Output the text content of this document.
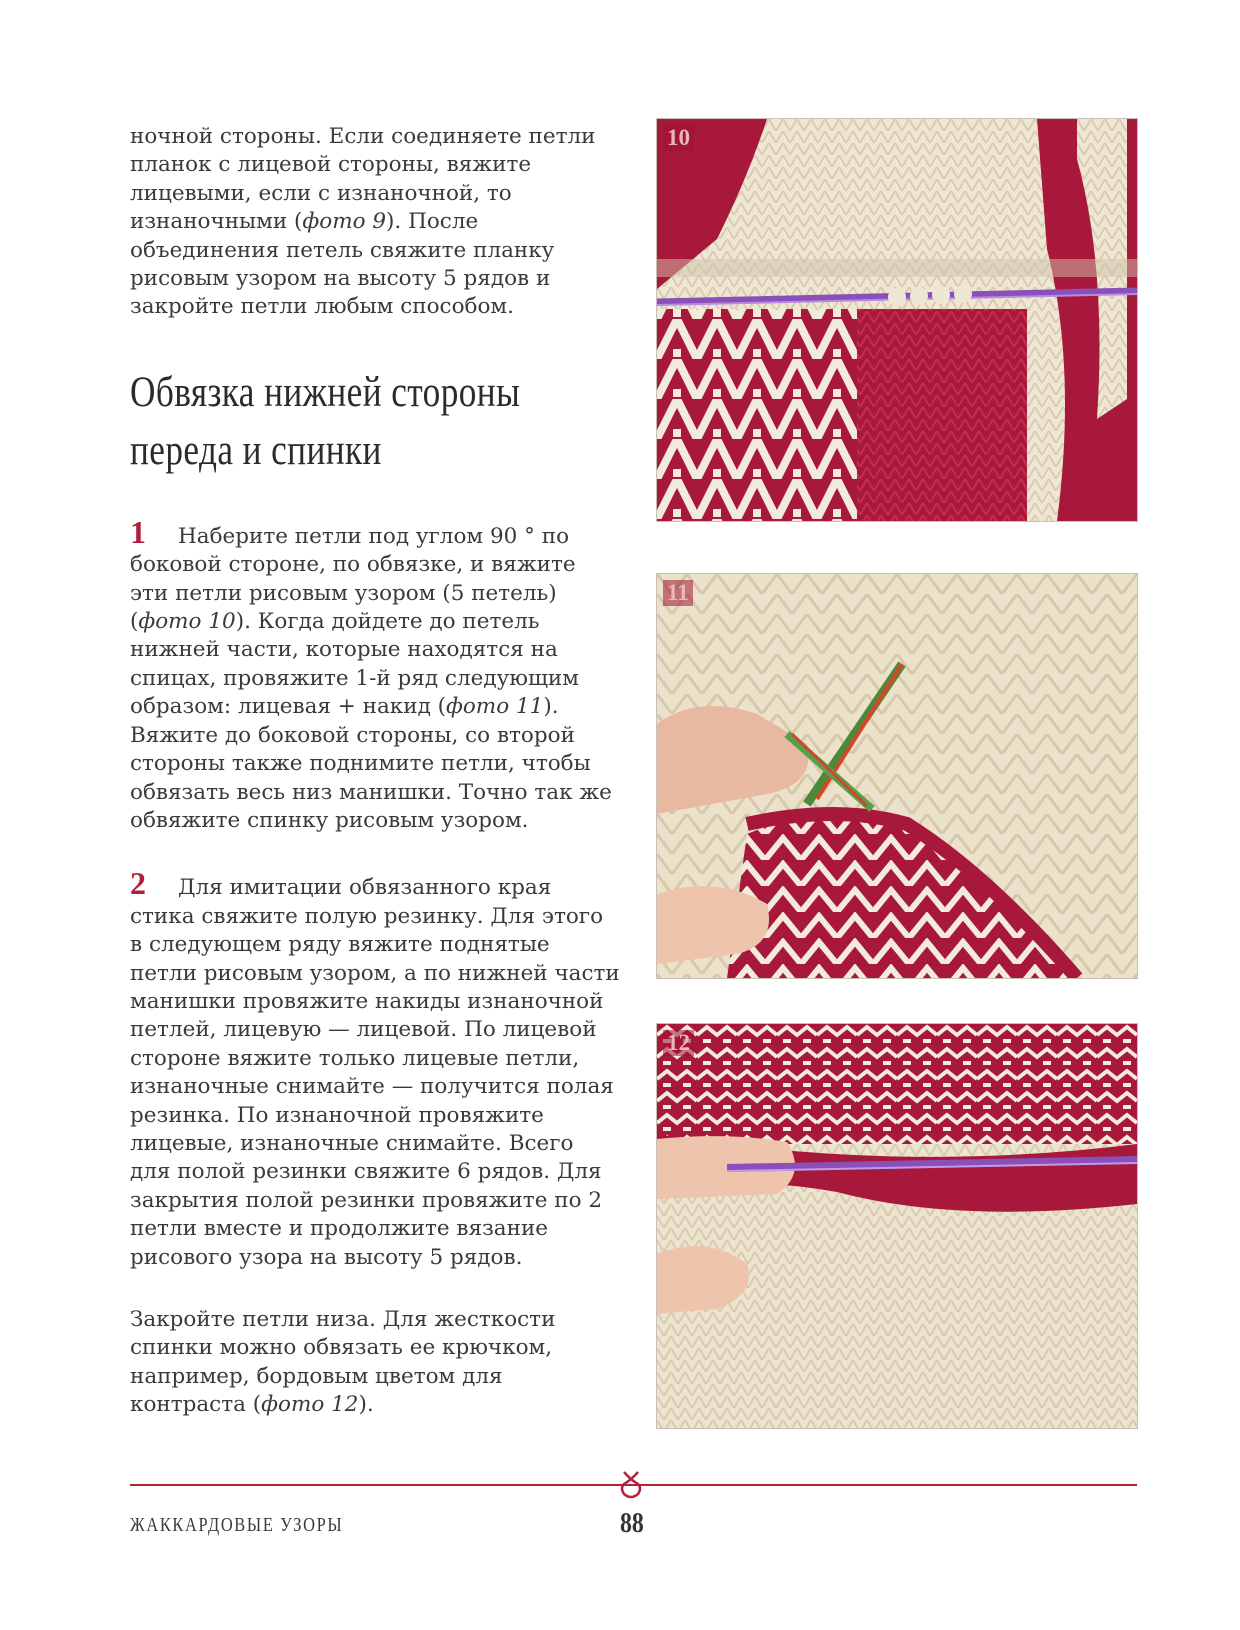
ночной стороны. Если соединяете петли планок с лицевой стороны, вяжите лицевыми, если с изнаночной, то изнаночными (фото 9). После объединения петель свяжите планку рисовым узором на высоту 5 рядов и закройте петли любым способом.

Обвязка нижней стороны переда и спинки

1 Наберите петли под углом 90 ° по боковой стороне, по обвязке, и вяжите эти петли рисовым узором (5 петель) (фото 10). Когда дойдете до петель нижней части, которые находятся на спицах, провяжите 1-й ряд следующим образом: лицевая + накид (фото 11). Вяжите до боковой стороны, со второй стороны также поднимите петли, чтобы обвязать весь низ манишки. Точно так же обвяжите спинку рисовым узором.

2 Для имитации обвязанного края стика свяжите полую резинку. Для этого в следующем ряду вяжите поднятые петли рисовым узором, а по нижней части манишки провяжите накиды изнаночной петлей, лицевую — лицевой. По лицевой стороне вяжите только лицевые петли, изнаночные снимайте — получится полая резинка. По изнаночной провяжите лицевые, изнаночные снимайте. Всего для полой резинки свяжите 6 рядов. Для закрытия полой резинки провяжите по 2 петли вместе и продолжите вязание рисового узора на высоту 5 рядов.

Закройте петли низа. Для жесткости спинки можно обвязать ее крючком, например, бордовым цветом для контраста (фото 12).

10
11
12
ЖАККАРДОВЫЕ УЗОРЫ	88
